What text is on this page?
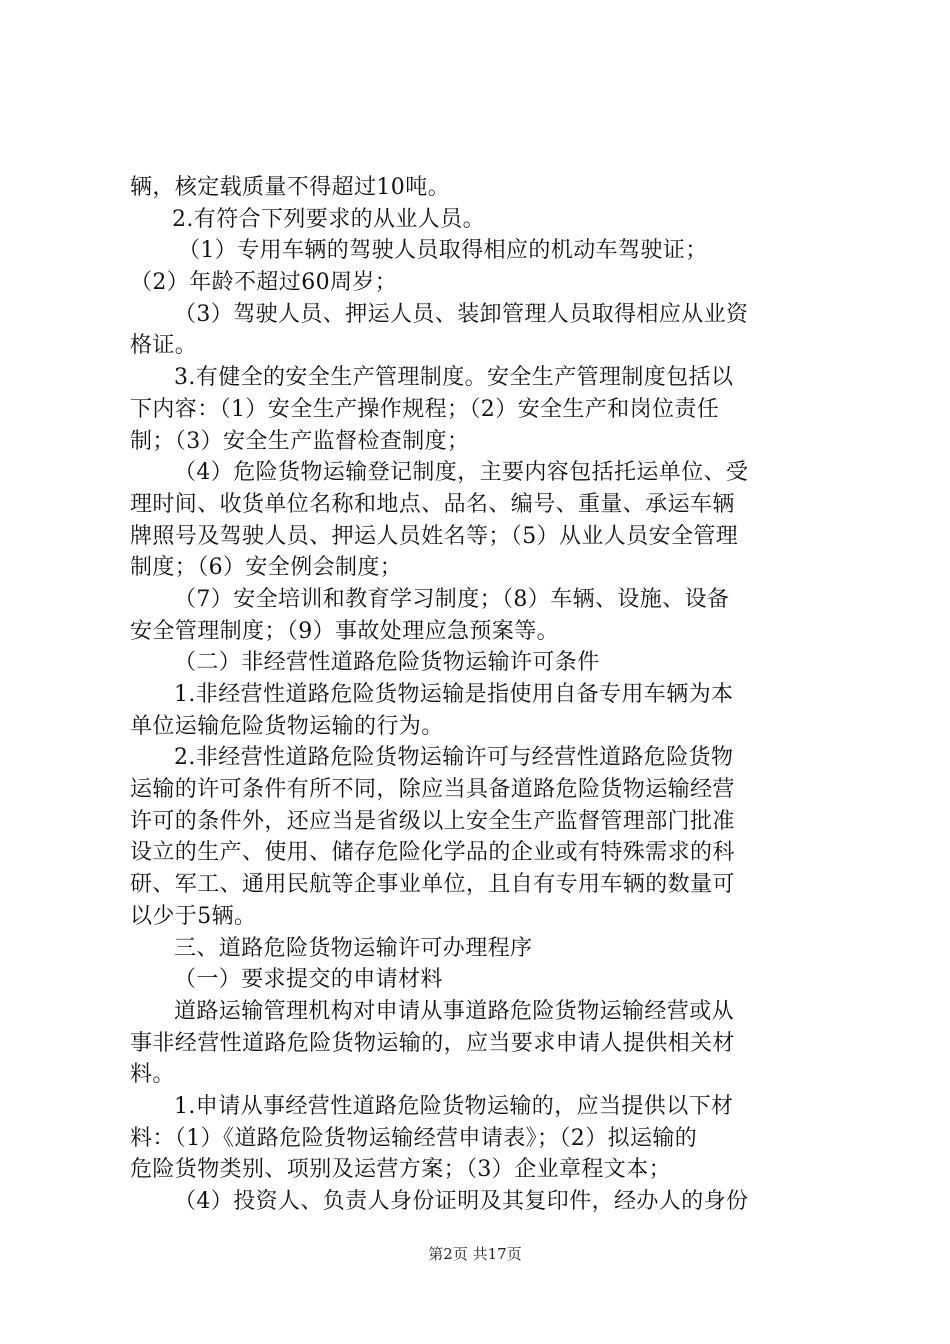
辆，核定载质量不得超过10吨。
2.有符合下列要求的从业人员。
（1）专用车辆的驾驶人员取得相应的机动车驾驶证；
（2）年龄不超过60周岁；
（3）驾驶人员、押运人员、装卸管理人员取得相应从业资
格证。
3.有健全的安全生产管理制度。安全生产管理制度包括以
下内容：（1）安全生产操作规程；（2）安全生产和岗位责任
制；（3）安全生产监督检查制度；
（4）危险货物运输登记制度，主要内容包括托运单位、受
理时间、收货单位名称和地点、品名、编号、重量、承运车辆
牌照号及驾驶人员、押运人员姓名等；（5）从业人员安全管理
制度；（6）安全例会制度；
（7）安全培训和教育学习制度；（8）车辆、设施、设备
安全管理制度；（9）事故处理应急预案等。
（二）非经营性道路危险货物运输许可条件
1.非经营性道路危险货物运输是指使用自备专用车辆为本
单位运输危险货物运输的行为。
2.非经营性道路危险货物运输许可与经营性道路危险货物
运输的许可条件有所不同，除应当具备道路危险货物运输经营
许可的条件外，还应当是省级以上安全生产监督管理部门批准
设立的生产、使用、储存危险化学品的企业或有特殊需求的科
研、军工、通用民航等企事业单位，且自有专用车辆的数量可
以少于5辆。
三、道路危险货物运输许可办理程序
（一）要求提交的申请材料
道路运输管理机构对申请从事道路危险货物运输经营或从
事非经营性道路危险货物运输的，应当要求申请人提供相关材
料。
1.申请从事经营性道路危险货物运输的，应当提供以下材
料：（1）《道路危险货物运输经营申请表》；（2）拟运输的
危险货物类别、项别及运营方案；（3）企业章程文本；
（4）投资人、负责人身份证明及其复印件，经办人的身份
第2页 共17页
